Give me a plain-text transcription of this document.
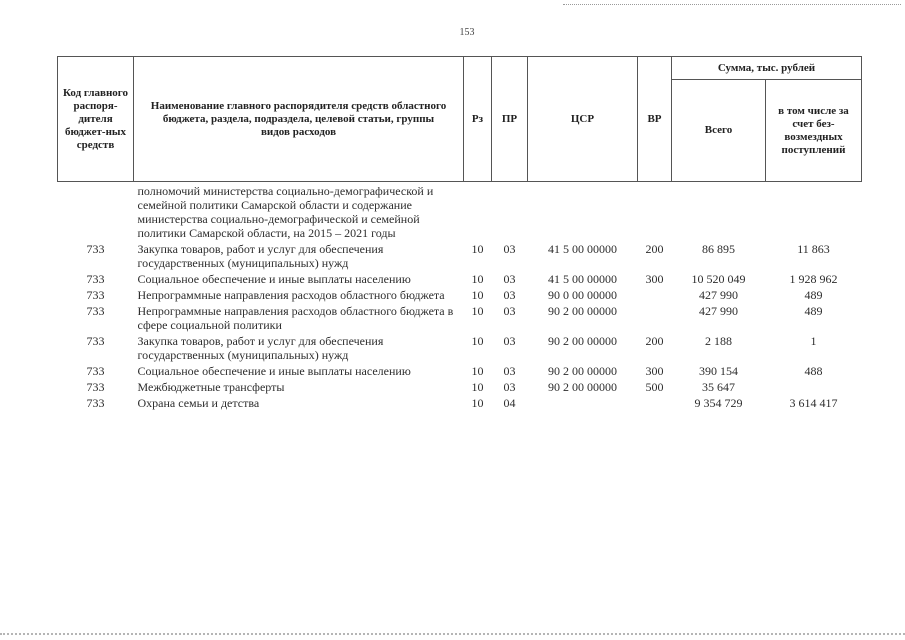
153
Код главного распоря-дителя бюджет-ных средств	Наименование главного распорядителя средств областного бюджета, раздела, подраздела, целевой статьи, группы видов расходов	Рз	ПР	ЦСР	ВР	Сумма, тыс. рублей	
						Всего	в том числе за счет без-возмездных поступлений
	полномочий министерства социально-демографической и семейной политики Самарской области и содержание министерства социально-демографической и семейной политики Самарской области, на 2015 – 2021 годы						
733	Закупка товаров, работ и услуг для обеспечения государственных (муниципальных) нужд	10	03	41 5 00 00000	200	86 895	11 863
733	Социальное обеспечение и иные выплаты населению	10	03	41 5 00 00000	300	10 520 049	1 928 962
733	Непрограммные направления расходов областного бюджета	10	03	90 0 00 00000		427 990	489
733	Непрограммные направления расходов областного бюджета в сфере социальной политики	10	03	90 2 00 00000		427 990	489
733	Закупка товаров, работ и услуг для обеспечения государственных (муниципальных) нужд	10	03	90 2 00 00000	200	2 188	1
733	Социальное обеспечение и иные выплаты населению	10	03	90 2 00 00000	300	390 154	488
733	Межбюджетные трансферты	10	03	90 2 00 00000	500	35 647	
733	Охрана семьи и детства	10	04			9 354 729	3 614 417
